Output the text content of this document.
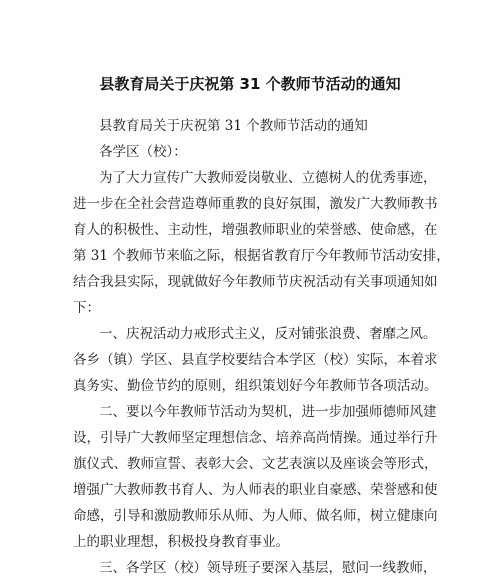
县教育局关于庆祝第 31 个教师节活动的通知
县教育局关于庆祝第 31 个教师节活动的通知
各学区（校）：
为了大力宣传广大教师爱岗敬业、立德树人的优秀事迹，
进一步在全社会营造尊师重教的良好氛围，激发广大教师教书
育人的积极性、主动性，增强教师职业的荣誉感、使命感，在
第 31 个教师节来临之际，根据省教育厅今年教师节活动安排，
结合我县实际，现就做好今年教师节庆祝活动有关事项通知如
下：
一、庆祝活动力戒形式主义，反对铺张浪费、奢靡之风。
各乡（镇）学区、县直学校要结合本学区（校）实际，本着求
真务实、勤俭节约的原则，组织策划好今年教师节各项活动。
二、要以今年教师节活动为契机，进一步加强师德师风建
设，引导广大教师坚定理想信念、培养高尚情操。通过举行升
旗仪式、教师宣誓、表彰大会、文艺表演以及座谈会等形式，
增强广大教师教书育人、为人师表的职业自豪感、荣誉感和使
命感，引导和激励教师乐从师、为人师、做名师，树立健康向
上的职业理想，积极投身教育事业。
三、各学区（校）领导班子要深入基层，慰问一线教师，
